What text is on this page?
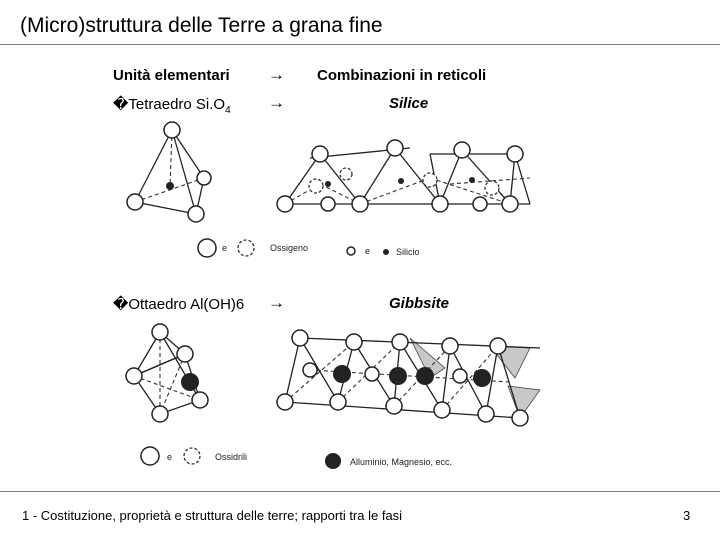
(Micro)struttura delle Terre a grana fine
Unità elementari → Combinazioni in reticoli
�Tetraedro $Si.O_4$ →	Silice
�Ottaedro Al(OH)6 →	Gibbsite
e	Ossigeno	e	Silicio
e	Ossidrili	Alluminio, Magnesio, ecc.
1 - Costituzione, proprietà e struttura delle terre; rapporti tra le fasi	3
